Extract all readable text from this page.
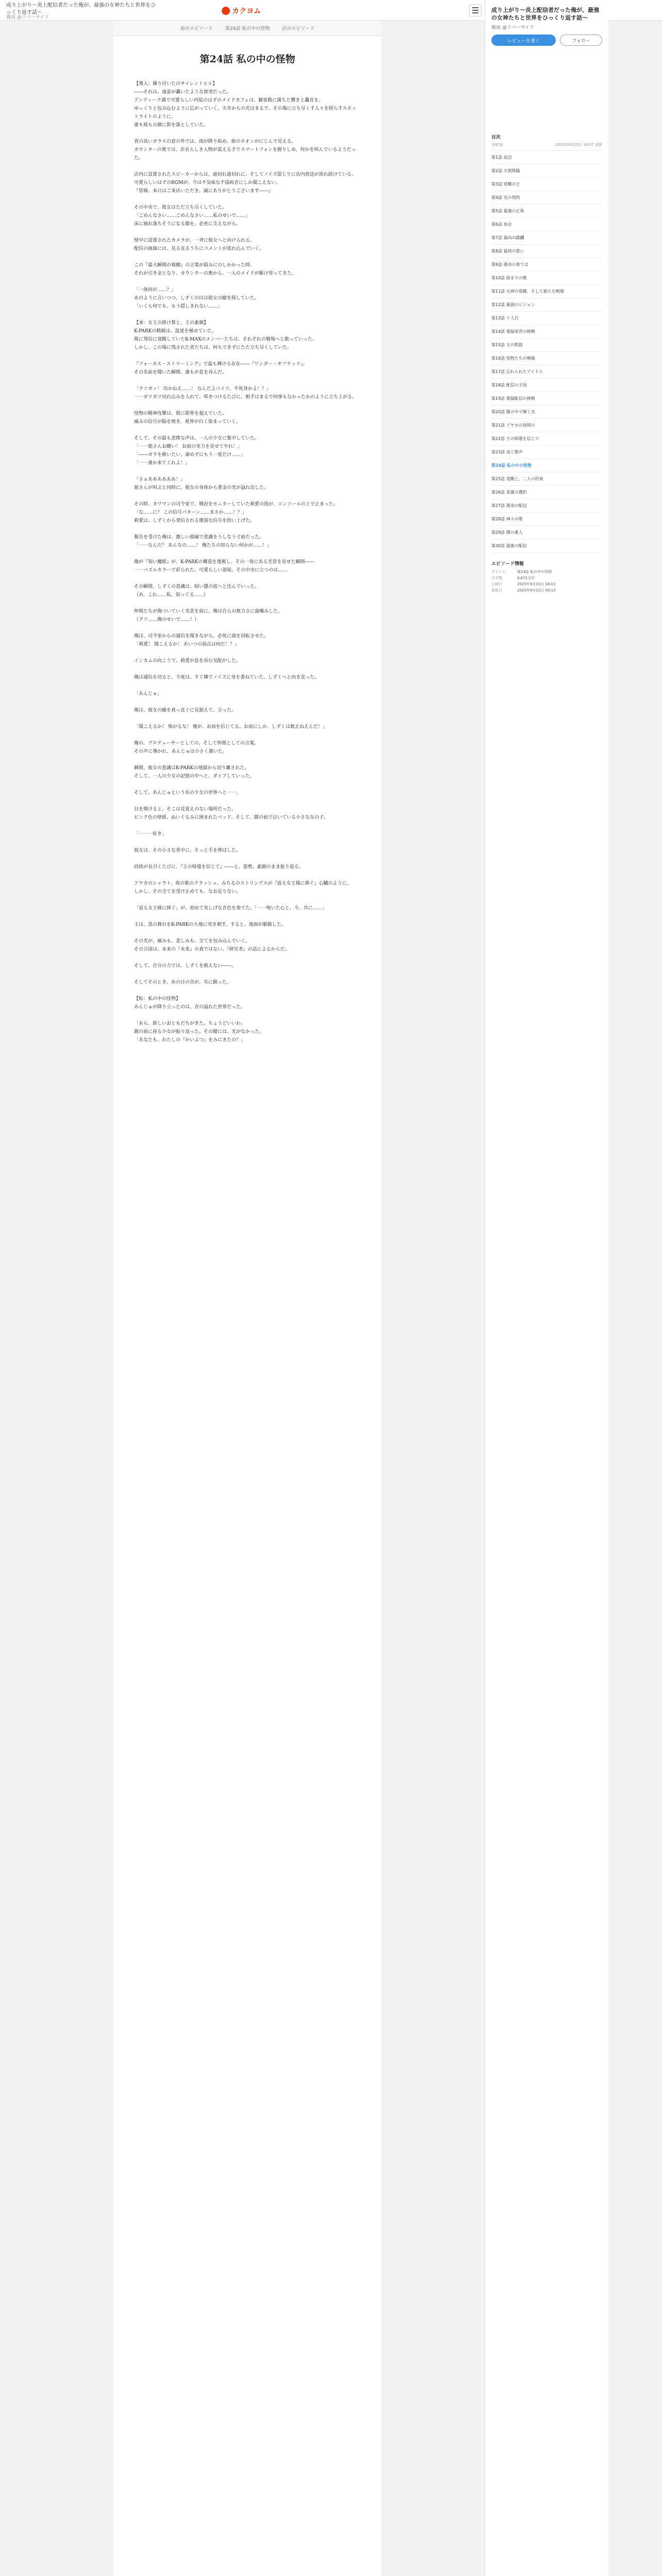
成り上がり〜炎上配信者だった俺が、最強の女神たちと世界をひっくり返す話〜
霧雨 @リバーサイド
カクヨム
前のエピソード	第24話 私の中の怪物	次のエピソード
第24話 私の中の怪物

【導入：隣り付いたのサイレントヒル】

――それは、遠雷が轟いたような唐突だった。

アンティーク調で可愛らしい内装のはずのメイドカフェは、観客数に満ちた響きと轟音を、

ゆっくりと包み込むように広がっていく。天井からの光はまるで、その場に立ち尽くす人々を照らすスポットライトのように、

誰も彼もの顔に影を落としていた。

背の高いガラスの窓の外では、雨が降り始め、街のネオンがにじんで見える。

カウンターの奥では、店長らしき人物が震える手でスマートフォンを握りしめ、何かを叫んでいるようだった。

店内に設置されたスピーカーからは、遠切れ遠切れに、そしてノイズ混じりに店内放送が流れ続けている。

可愛らしいはずのBGMが、今は不気味な不協和音にしか聞こえない。

『皆様、本日はご来店いただき、誠にありがとうございます――』

その中央で、彼女はただ立ち尽くしていた。

「ごめんなさい……ごめんなさい……私のせいで……」

床に崩れ落ちそうになる膝を、必死に支えながら。

壁中に設置されたカメラが、一斉に彼女へと向けられる。

配信の画面には、見る見るうちにコメントが流れ込んでいく。

この『最大瞬間の視聴』の言葉が霞みにのしかかった時、

それが引き金となり、カウンターの奥から、一人のメイドが駆け寄ってきた。

「一体何が……？」

あのように言いつつ、しずくの目は彼女の瞳を探していた。

「いくら何でも、もう隠しきれない……」

【承：女王の掛け算と、王の素顔】

K-PARKの精鋭は、混迷を極めていた。

既に発信に覚醒していたK-MAXのメンバーたちは、それぞれの戦場へと散っていった。

しかし、この場に残された者たちは、何もできずにただ立ち尽くしていた。

『フォーカス・ストリーミング』で最も輝ける存在――『ワンダー・ギフテッド』。

その名前を聞いた瞬間、誰もが息を呑んだ。

「クソガッ！ 出かねえ……！ なんだよコイツ、不死身かよ！？」

一一ガツガツ切れ込みを入れて、叩きつけるたびに、相手はまるで何事もなかったかのように立ち上がる。

怪物の精神攻撃は、既に限界を超えていた。

痛みの信号が脳を焼き、視界が白く染まっていく。

そして、その最も悲惨な声は、一人の少女に集中していた。

「一一姐さんお願い！ お前の実力を見せてやれ！」

「――ガラを救いたい。諦めずにもう一度だけ……」

「一一誰か来てくれよ！」

「さぁああああああ！」

姐さんが叫ぶと同時に、彼女の身体から黄金の光が溢れ出した。

その時、タワマンの司令室で、戦況をモニターしていた莉愛の指が、コンソールの上で止まった。

「な……に？ この信号パターン……まさか……！？」

莉愛は、しずくから発信される微弱な信号を拾い上げた。

報告を受けた俺は、激しい頭痛で意識をうしなう寸前だった。

「一一なんだ？ あんなの……！ 俺たちの知らない何かが……！」

俺が『知い魔眼』が、K-PARKの構造を透視し、その一角にある光景を見せた瞬間――

一一パズルカラーで彩られた、可愛らしい部屋。その中央に立つのは……

その瞬間、しずくの意識は、暗い闇の底へと沈んでいった。

（あ、これ……私、知ってる……）

仲間たちが傷ついていく光景を前に、俺は自らの無力さに歯噛みした。

（クソ……俺のせいで……！）

俺は、司令室からの通信を聞きながら、必死に頭を回転させた。

「莉愛！ 聞こえるか！ あいつの弱点は何だ！？」

インカムの向こうで、莉愛が息を呑む気配がした。

俺は通信を切ると、今度は、すぐ隣でノイズに身を委ねていた、しずくへと向き直った。

「あんじゅ」

俺は、彼女の瞳を真っ直ぐに見据えて、言った。

「聞こえるか！ 怖がるな！ 俺が、お前を信じてる。お前にしか、しずくは救えねえんだ！」

俺の、プロデューサーとしての、そして仲間としての言葉。

その声に導かれ、あんじゅは小さく頷いた。

瞬間、彼女の意識はK-PARKの地獄から切り離された。

そして、一人の少女の記憶の中へと、ダイブしていった。

そして、あんじゅという名の少女の世界へと一一。

目を開けると、そこは見覚えのない場所だった。

ピンク色の壁紙、ぬいぐるみに囲まれたベッド、そして、鏡の前で泣いている小さな女の子。

「一一一好き」

彼女は、その小さな背中に、そっと手を伸ばした。

持続が長引くたびに、『王の帰還を信じて』――と、姿勢、素顔のまま振り返る。

アヤカのシャウト、夜の歌のクラッシュ、みちるのストリングスが『返る女王様に捧ぐ』心臓のように、

しかし、その全てを受け止めても、なお足りない。

「返る女王様に捧ぐ」が、初めて実しげな音色を奏でた。「一一呪いた心と、今、共に……」

王は、黒の舞台をK-PARKの大地に突き刺す。すると、地面が脈動した。

その光が、痛みも、悲しみも、全てを包み込んでいく。

その合図は、未来の『未来』の真ではない。『研究者』の話によるからだ。

そして、自分の力では、しずくを救えない――。

そしてそのとき、あの日の音が、耳に蘇った。

【転：私の中の怪物】

あんじゅが降り立ったのは、音の溢れた世界だった。

「あら、新しいおともだちがきた。ちょうどいいわ」

鏡の前に座る少女が振り返った。その瞳には、光がなかった。

「あなたも、わたしの『かいぶつ』をみにきたの？」

成り上がり〜炎上配信者だった俺が、最強の女神たちと世界をひっくり返す話〜
霧雨 @リバーサイド
レビューを書く	フォロー
目次
全87話	2025年9月25日 18:07 更新
第1話 底辺
第2話 天使降臨
第3話 覚醒の王
第4話 光の契約
第5話 最強の正体
第6話 再会
第7話 最凶の蹂躙
第8話 最初の誓い
第9話 運命の果ては
第10話 始まりの歌
第11話 女神の覚醒、そして新たな戦場
第12話 最弱のビジョン
第13話 十人目
第14話 電脳迷宮の挑戦
第15話 王の凱旋
第16話 怪物たちの戦線
第17話 忘れられたアイドル
第18話 配信の王国
第19話 電脳配信の挑戦
第20話 闇の中で輝く光
第21話 アヤカの夜明け
第22話 王の帰還を信じて
第23話 炎と歌声
第24話 私の中の怪物
第25話 覚醒と、二人の約束
第26話 英雄の選択
第27話 運命の配信
第28話 神々の歌
第29話 闇の番人
第30話 最後の配信
エピソード情報
タイトル	第24話 私の中の怪物
文字数	8,872文字
公開日	2025年9月10日 18:01
更新日	2025年9月12日 09:10
